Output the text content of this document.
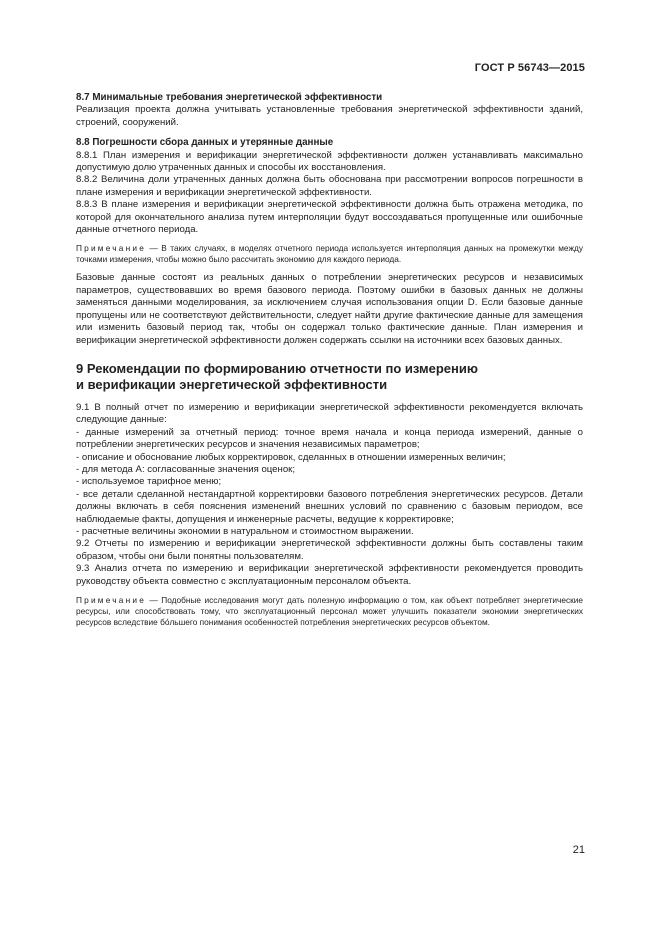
ГОСТ Р 56743—2015

8.7 Минимальные требования энергетической эффективности

Реализация проекта должна учитывать установленные требования энергетической эффективности зданий, строений, сооружений.

8.8 Погрешности сбора данных и утерянные данные

8.8.1 План измерения и верификации энергетической эффективности должен устанавливать максимально допустимую долю утраченных данных и способы их восстановления.

8.8.2 Величина доли утраченных данных должна быть обоснована при рассмотрении вопросов погрешности в плане измерения и верификации энергетической эффективности.

8.8.3 В плане измерения и верификации энергетической эффективности должна быть отражена методика, по которой для окончательного анализа путем интерполяции будут воссоздаваться пропущенные или ошибочные данные отчетного периода.

Примечание — В таких случаях, в моделях отчетного периода используется интерполяция данных на промежутки между точками измерения, чтобы можно было рассчитать экономию для каждого периода.

Базовые данные состоят из реальных данных о потреблении энергетических ресурсов и независимых параметров, существовавших во время базового периода. Поэтому ошибки в базовых данных не должны заменяться данными моделирования, за исключением случая использования опции D. Если базовые данные пропущены или не соответствуют действительности, следует найти другие фактические данные для замещения или изменить базовый период так, чтобы он содержал только фактические данные. План измерения и верификации энергетической эффективности должен содержать ссылки на источники всех базовых данных.

9 Рекомендации по формированию отчетности по измерению

и верификации энергетической эффективности

9.1 В полный отчет по измерению и верификации энергетической эффективности рекомендуется включать следующие данные:

- данные измерений за отчетный период: точное время начала и конца периода измерений, данные о потреблении энергетических ресурсов и значения независимых параметров;

- описание и обоснование любых корректировок, сделанных в отношении измеренных величин;

- для метода А: согласованные значения оценок;

- используемое тарифное меню;

- все детали сделанной нестандартной корректировки базового потребления энергетических ресурсов. Детали должны включать в себя пояснения изменений внешних условий по сравнению с базовым периодом, все наблюдаемые факты, допущения и инженерные расчеты, ведущие к корректировке;

- расчетные величины экономии в натуральном и стоимостном выражении.

9.2 Отчеты по измерению и верификации энергетической эффективности должны быть составлены таким образом, чтобы они были понятны пользователям.

9.3 Анализ отчета по измерению и верификации энергетической эффективности рекомендуется проводить руководству объекта совместно с эксплуатационным персоналом объекта.

Примечание — Подобные исследования могут дать полезную информацию о том, как объект потребляет энергетические ресурсы, или способствовать тому, что эксплуатационный персонал может улучшить показатели экономии энергетических ресурсов вследствие бо́льшего понимания особенностей потребления энергетических ресурсов объектом.

21
